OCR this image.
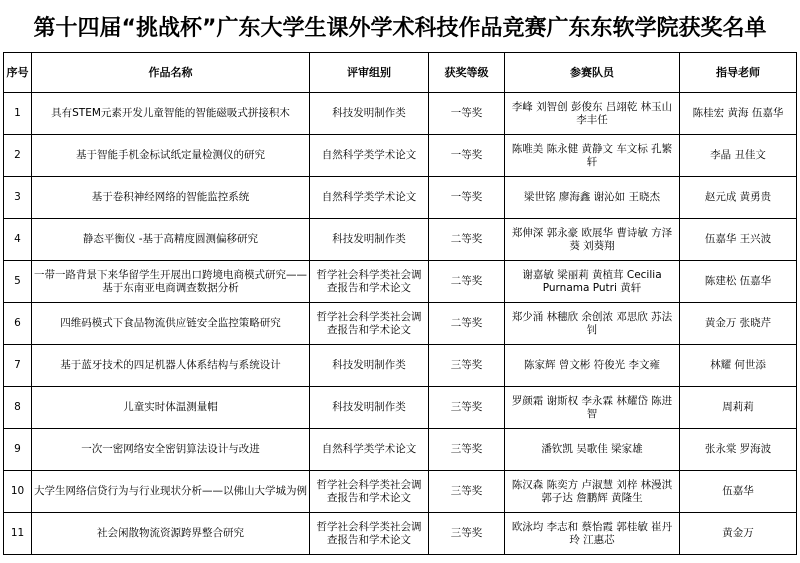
第十四届“挑战杯”广东大学生课外学术科技作品竞赛广东东软学院获奖名单
序号	作品名称	评审组别	获奖等级	参赛队员	指导老师
1	具有STEM元素开发儿童智能的智能磁吸式拼接积木	科技发明制作类	一等奖	李峰 刘智创 彭俊东 吕翊乾 林玉山 李丰任	陈桂宏 黄海 伍嘉华
2	基于智能手机金标试纸定量检测仪的研究	自然科学类学术论文	一等奖	陈唯美 陈永健 黄静文 车文标 孔繁轩	李晶 丑佳文
3	基于卷积神经网络的智能监控系统	自然科学类学术论文	一等奖	梁世铭 廖海鑫 谢沁如 王晓杰	赵元成 黄勇贵
4	静态平衡仪 -基于高精度圆测偏移研究	科技发明制作类	二等奖	郑伸深 郭永豪 欧展华 曹诗敏 方泽葵 刘葵翔	伍嘉华 王兴波
5	一带一路背景下来华留学生开展出口跨境电商模式研究——基于东南亚电商调查数据分析	哲学社会科学类社会调查报告和学术论文	二等奖	谢嘉敏 梁丽莉 黄植茸 Cecilia Purnama Putri 黄轩	陈建松 伍嘉华
6	四维码模式下食品物流供应链安全监控策略研究	哲学社会科学类社会调查报告和学术论文	二等奖	郑少涌 林穗欣 余创浓 邓思欣 苏法钊	黄金万 张晓芹
7	基于蓝牙技术的四足机器人体系结构与系统设计	科技发明制作类	三等奖	陈家辉 曾文彬 符俊光 李文雍	林耀 何世添
8	儿童实时体温测量帽	科技发明制作类	三等奖	罗颜霜 谢斯权 李永霖 林耀岱 陈进智	周莉莉
9	一次一密网络安全密钥算法设计与改进	自然科学类学术论文	三等奖	潘钦凯 吴歌佳 梁家雄	张永棠 罗海波
10	大学生网络信贷行为与行业现状分析——以佛山大学城为例	哲学社会科学类社会调查报告和学术论文	三等奖	陈汉森 陈奕方 卢淑慧 刘梓 林漫淇 郭子达 詹鹏辉 黄隆生	伍嘉华
11	社会闲散物流资源跨界整合研究	哲学社会科学类社会调查报告和学术论文	三等奖	欧泳均 李志和 蔡怡霞 郭桂敏 崔丹玲 江惠芯	黄金万
